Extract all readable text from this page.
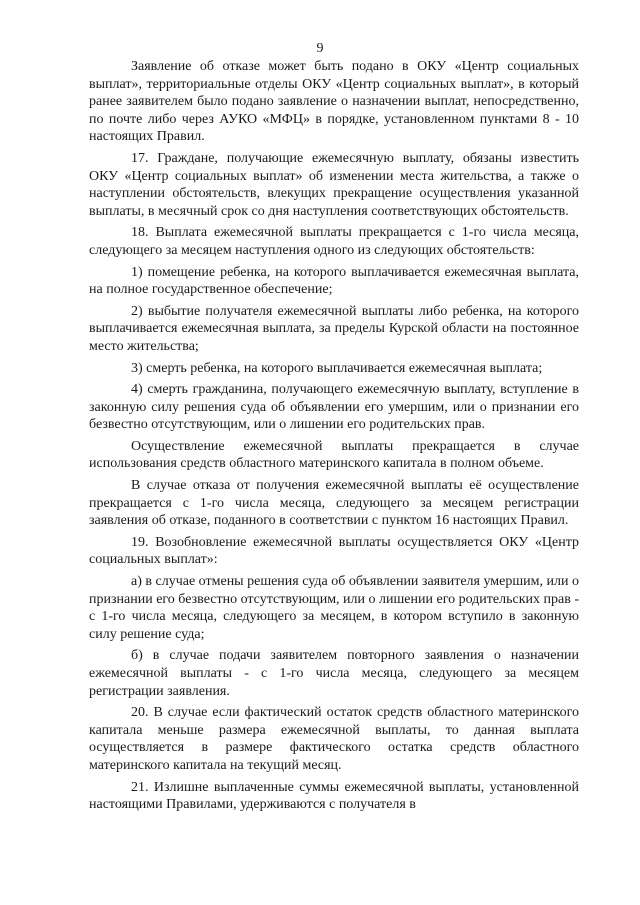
9

Заявление об отказе может быть подано в ОКУ «Центр социальных выплат», территориальные отделы ОКУ «Центр социальных выплат», в который ранее заявителем было подано заявление о назначении выплат, непосредственно, по почте либо через АУКО «МФЦ» в порядке, установленном пунктами 8 - 10 настоящих Правил.

17. Граждане, получающие ежемесячную выплату, обязаны известить ОКУ «Центр социальных выплат» об изменении места жительства, а также о наступлении обстоятельств, влекущих прекращение осуществления указанной выплаты, в месячный срок со дня наступления соответствующих обстоятельств.

18. Выплата ежемесячной выплаты прекращается с 1-го числа месяца, следующего за месяцем наступления одного из следующих обстоятельств:

1) помещение ребенка, на которого выплачивается ежемесячная выплата, на полное государственное обеспечение;

2) выбытие получателя ежемесячной выплаты либо ребенка, на которого выплачивается ежемесячная выплата, за пределы Курской области на постоянное место жительства;

3) смерть ребенка, на которого выплачивается ежемесячная выплата;

4) смерть гражданина, получающего ежемесячную выплату, вступление в законную силу решения суда об объявлении его умершим, или о признании его безвестно отсутствующим, или о лишении его родительских прав.

Осуществление ежемесячной выплаты прекращается в случае использования средств областного материнского капитала в полном объеме.

В случае отказа от получения ежемесячной выплаты её осуществление прекращается с 1-го числа месяца, следующего за месяцем регистрации заявления об отказе, поданного в соответствии с пунктом 16 настоящих Правил.

19. Возобновление ежемесячной выплаты осуществляется ОКУ «Центр социальных выплат»:

а) в случае отмены решения суда об объявлении заявителя умершим, или о признании его безвестно отсутствующим, или о лишении его родительских прав - с 1-го числа месяца, следующего за месяцем, в котором вступило в законную силу решение суда;

б) в случае подачи заявителем повторного заявления о назначении ежемесячной выплаты - с 1-го числа месяца, следующего за месяцем регистрации заявления.

20. В случае если фактический остаток средств областного материнского капитала меньше размера ежемесячной выплаты, то данная выплата осуществляется в размере фактического остатка средств областного материнского капитала на текущий месяц.

21. Излишне выплаченные суммы ежемесячной выплаты, установленной настоящими Правилами, удерживаются с получателя в
